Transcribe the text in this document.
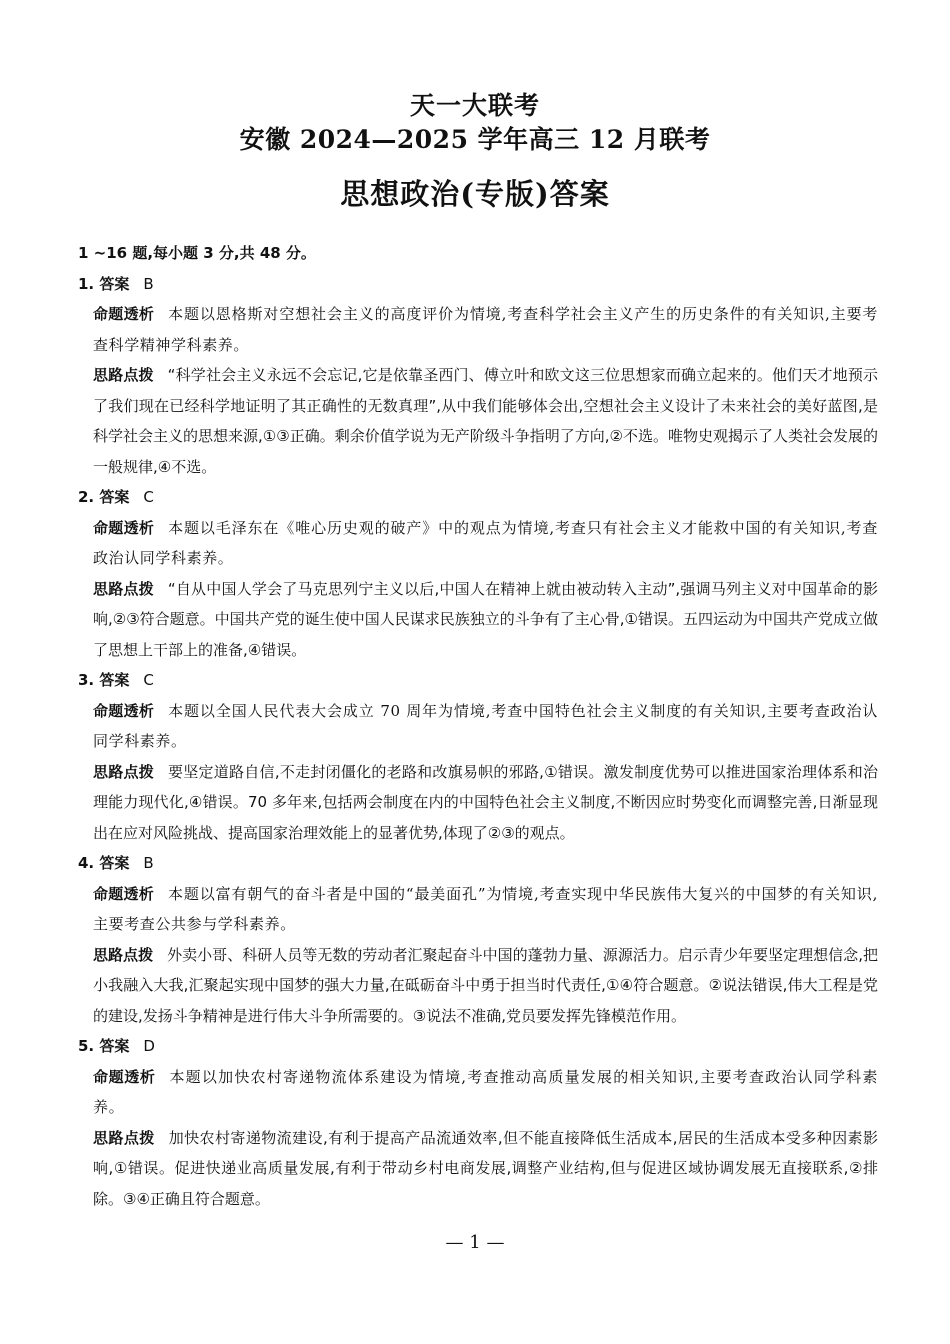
天一大联考
安徽 2024—2025 学年高三 12 月联考
思想政治(专版)答案

1 ~16 题,每小题 3 分,共 48 分。

1. 答案 B

命题透析 本题以恩格斯对空想社会主义的高度评价为情境,考查科学社会主义产生的历史条件的有关知识,主要考查科学精神学科素养。

思路点拨 “科学社会主义永远不会忘记,它是依靠圣西门、傅立叶和欧文这三位思想家而确立起来的。他们天才地预示了我们现在已经科学地证明了其正确性的无数真理”,从中我们能够体会出,空想社会主义设计了未来社会的美好蓝图,是科学社会主义的思想来源,①③正确。剩余价值学说为无产阶级斗争指明了方向,②不选。唯物史观揭示了人类社会发展的一般规律,④不选。

2. 答案 C

命题透析 本题以毛泽东在《唯心历史观的破产》中的观点为情境,考查只有社会主义才能救中国的有关知识,考查政治认同学科素养。

思路点拨 “自从中国人学会了马克思列宁主义以后,中国人在精神上就由被动转入主动”,强调马列主义对中国革命的影响,②③符合题意。中国共产党的诞生使中国人民谋求民族独立的斗争有了主心骨,①错误。五四运动为中国共产党成立做了思想上干部上的准备,④错误。

3. 答案 C

命题透析 本题以全国人民代表大会成立 70 周年为情境,考查中国特色社会主义制度的有关知识,主要考查政治认同学科素养。

思路点拨 要坚定道路自信,不走封闭僵化的老路和改旗易帜的邪路,①错误。激发制度优势可以推进国家治理体系和治理能力现代化,④错误。70 多年来,包括两会制度在内的中国特色社会主义制度,不断因应时势变化而调整完善,日渐显现出在应对风险挑战、提高国家治理效能上的显著优势,体现了②③的观点。

4. 答案 B

命题透析 本题以富有朝气的奋斗者是中国的“最美面孔”为情境,考查实现中华民族伟大复兴的中国梦的有关知识,主要考查公共参与学科素养。

思路点拨 外卖小哥、科研人员等无数的劳动者汇聚起奋斗中国的蓬勃力量、源源活力。启示青少年要坚定理想信念,把小我融入大我,汇聚起实现中国梦的强大力量,在砥砺奋斗中勇于担当时代责任,①④符合题意。②说法错误,伟大工程是党的建设,发扬斗争精神是进行伟大斗争所需要的。③说法不准确,党员要发挥先锋模范作用。

5. 答案 D

命题透析 本题以加快农村寄递物流体系建设为情境,考查推动高质量发展的相关知识,主要考查政治认同学科素养。

思路点拨 加快农村寄递物流建设,有利于提高产品流通效率,但不能直接降低生活成本,居民的生活成本受多种因素影响,①错误。促进快递业高质量发展,有利于带动乡村电商发展,调整产业结构,但与促进区域协调发展无直接联系,②排除。③④正确且符合题意。

— 1 —
